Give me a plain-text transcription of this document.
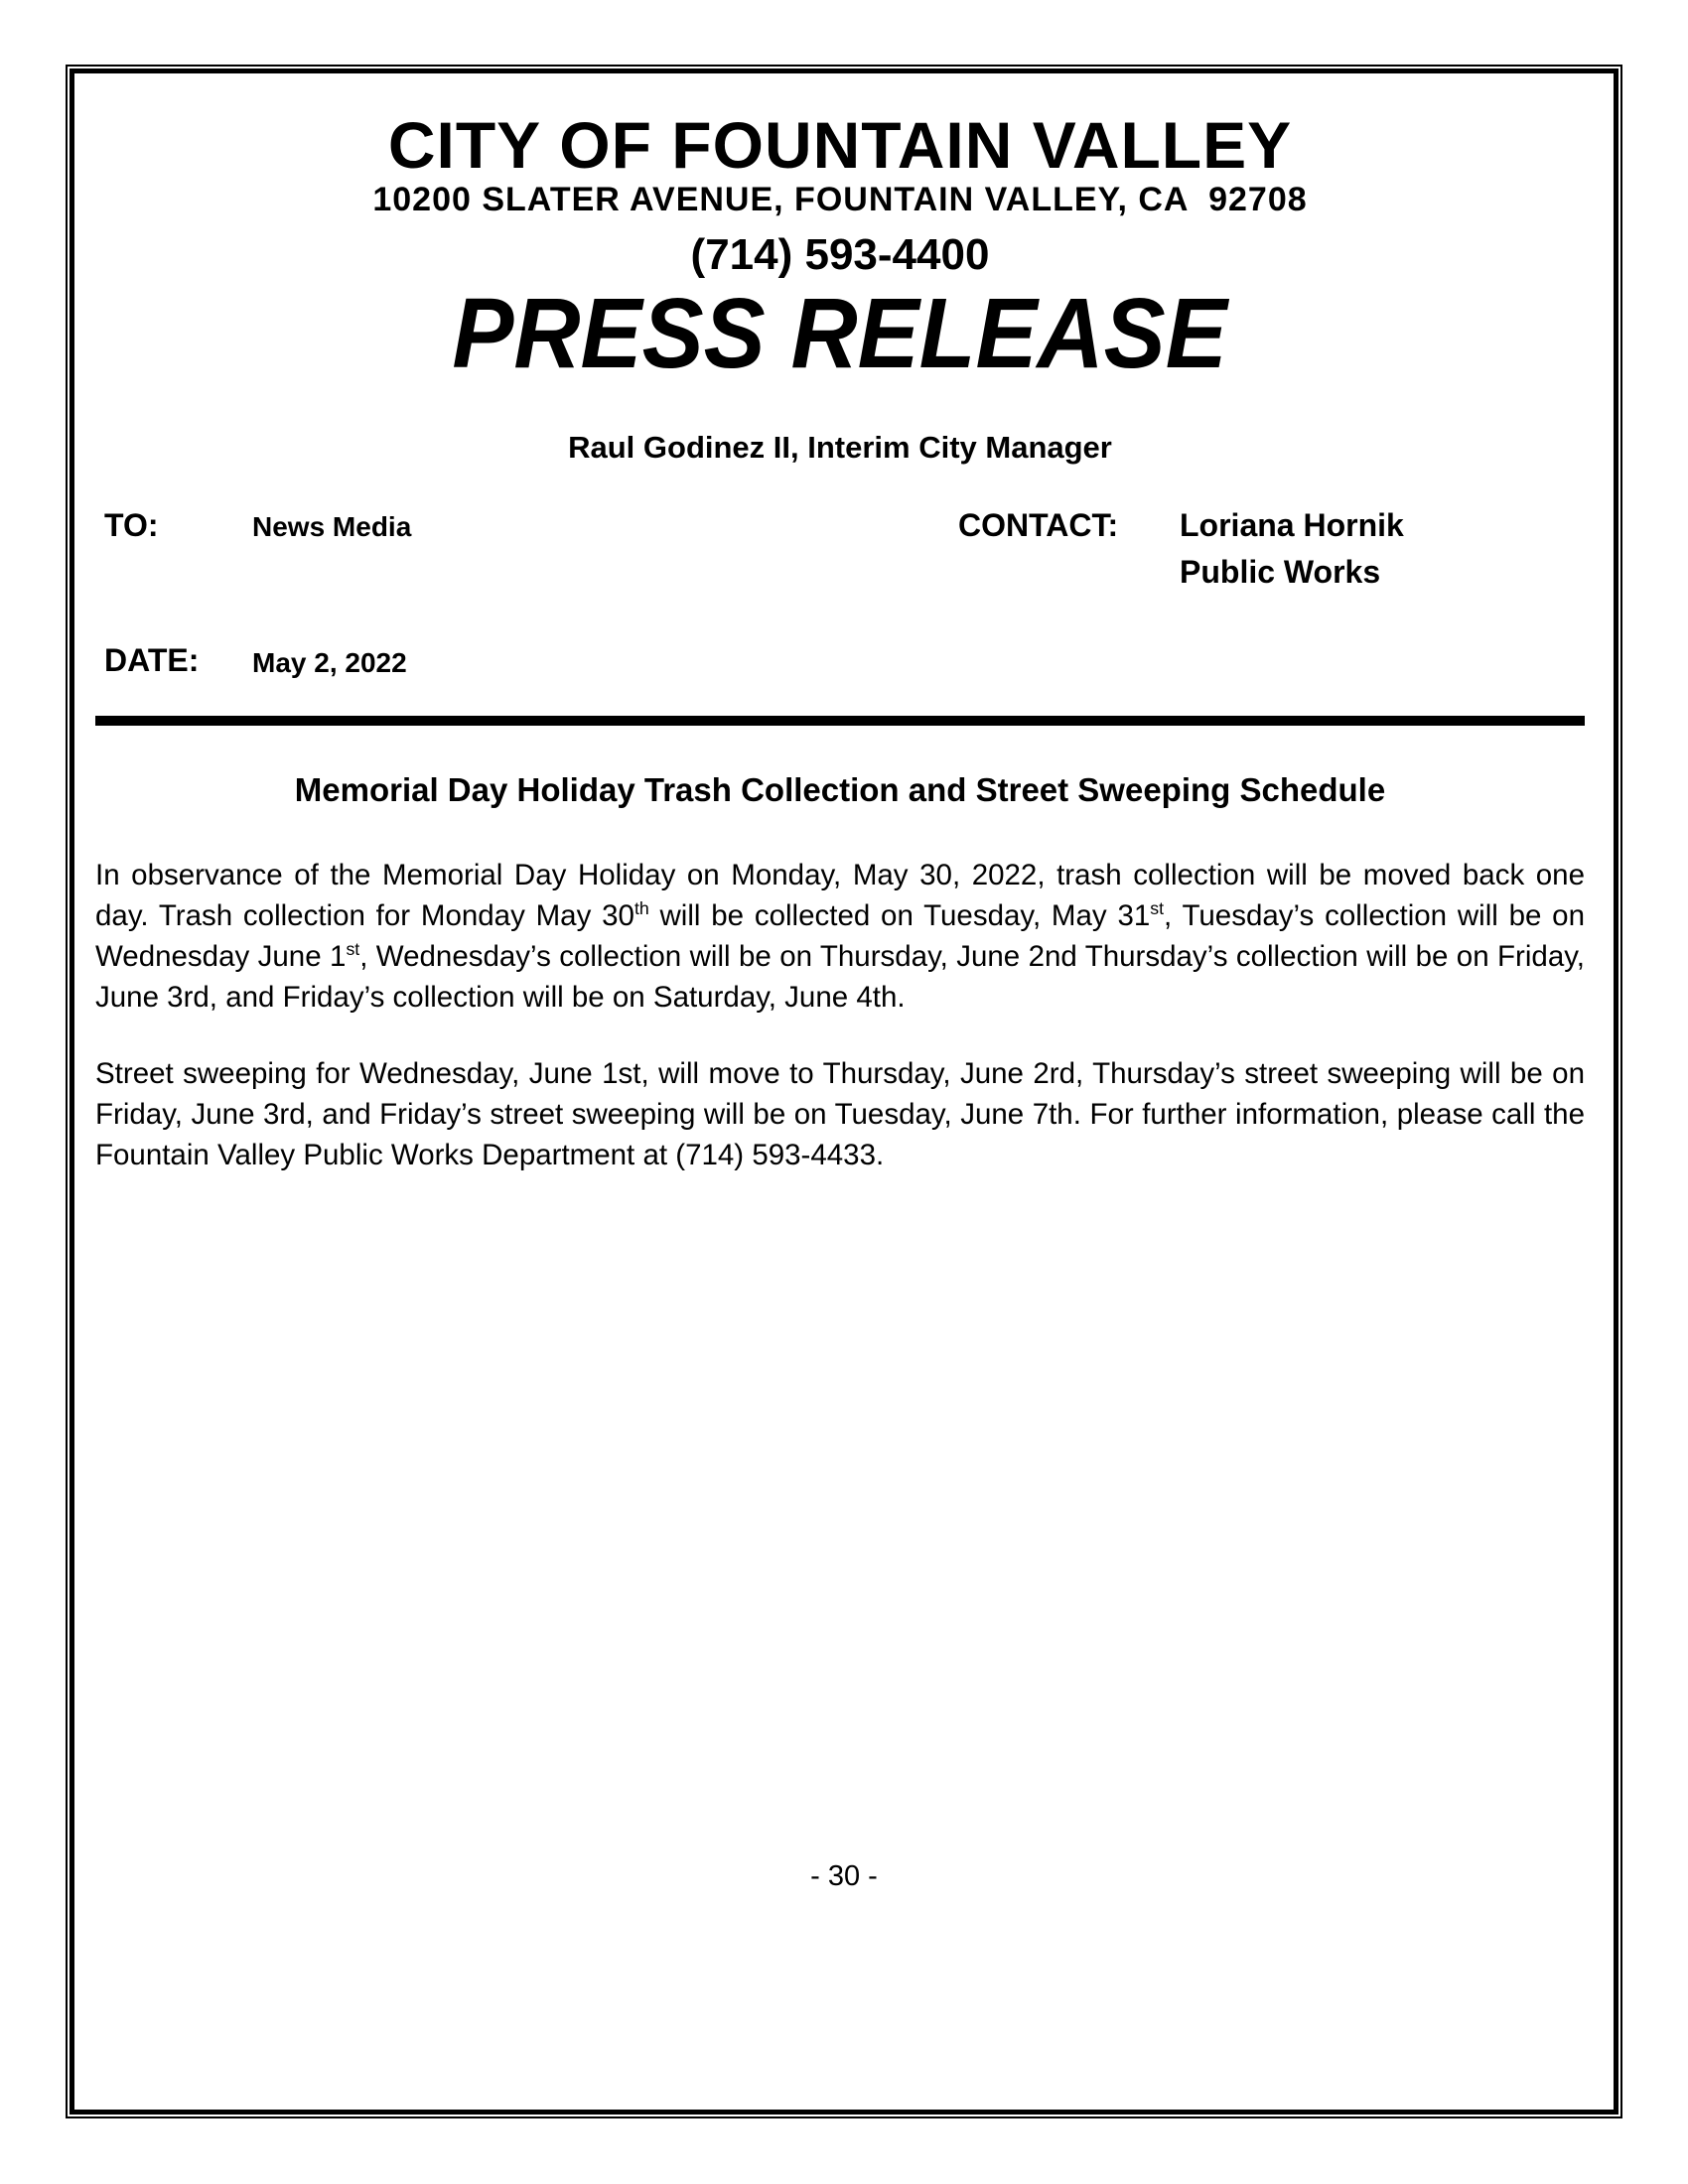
CITY OF FOUNTAIN VALLEY
10200 SLATER AVENUE, FOUNTAIN VALLEY, CA  92708
(714) 593-4400
PRESS RELEASE
Raul Godinez II, Interim City Manager
TO:	News Media	CONTACT: Loriana Hornik
Public Works
DATE: May 2, 2022
Memorial Day Holiday Trash Collection and Street Sweeping Schedule

In observance of the Memorial Day Holiday on Monday, May 30, 2022, trash collection will be moved back one day. Trash collection for Monday May 30th will be collected on Tuesday, May 31st, Tuesday’s collection will be on Wednesday June 1st, Wednesday’s collection will be on Thursday, June 2nd Thursday’s collection will be on Friday, June 3rd, and Friday’s collection will be on Saturday, June 4th.

Street sweeping for Wednesday, June 1st, will move to Thursday, June 2rd, Thursday’s street sweeping will be on Friday, June 3rd, and Friday’s street sweeping will be on Tuesday, June 7th. For further information, please call the Fountain Valley Public Works Department at (714) 593-4433.

- 30 -
